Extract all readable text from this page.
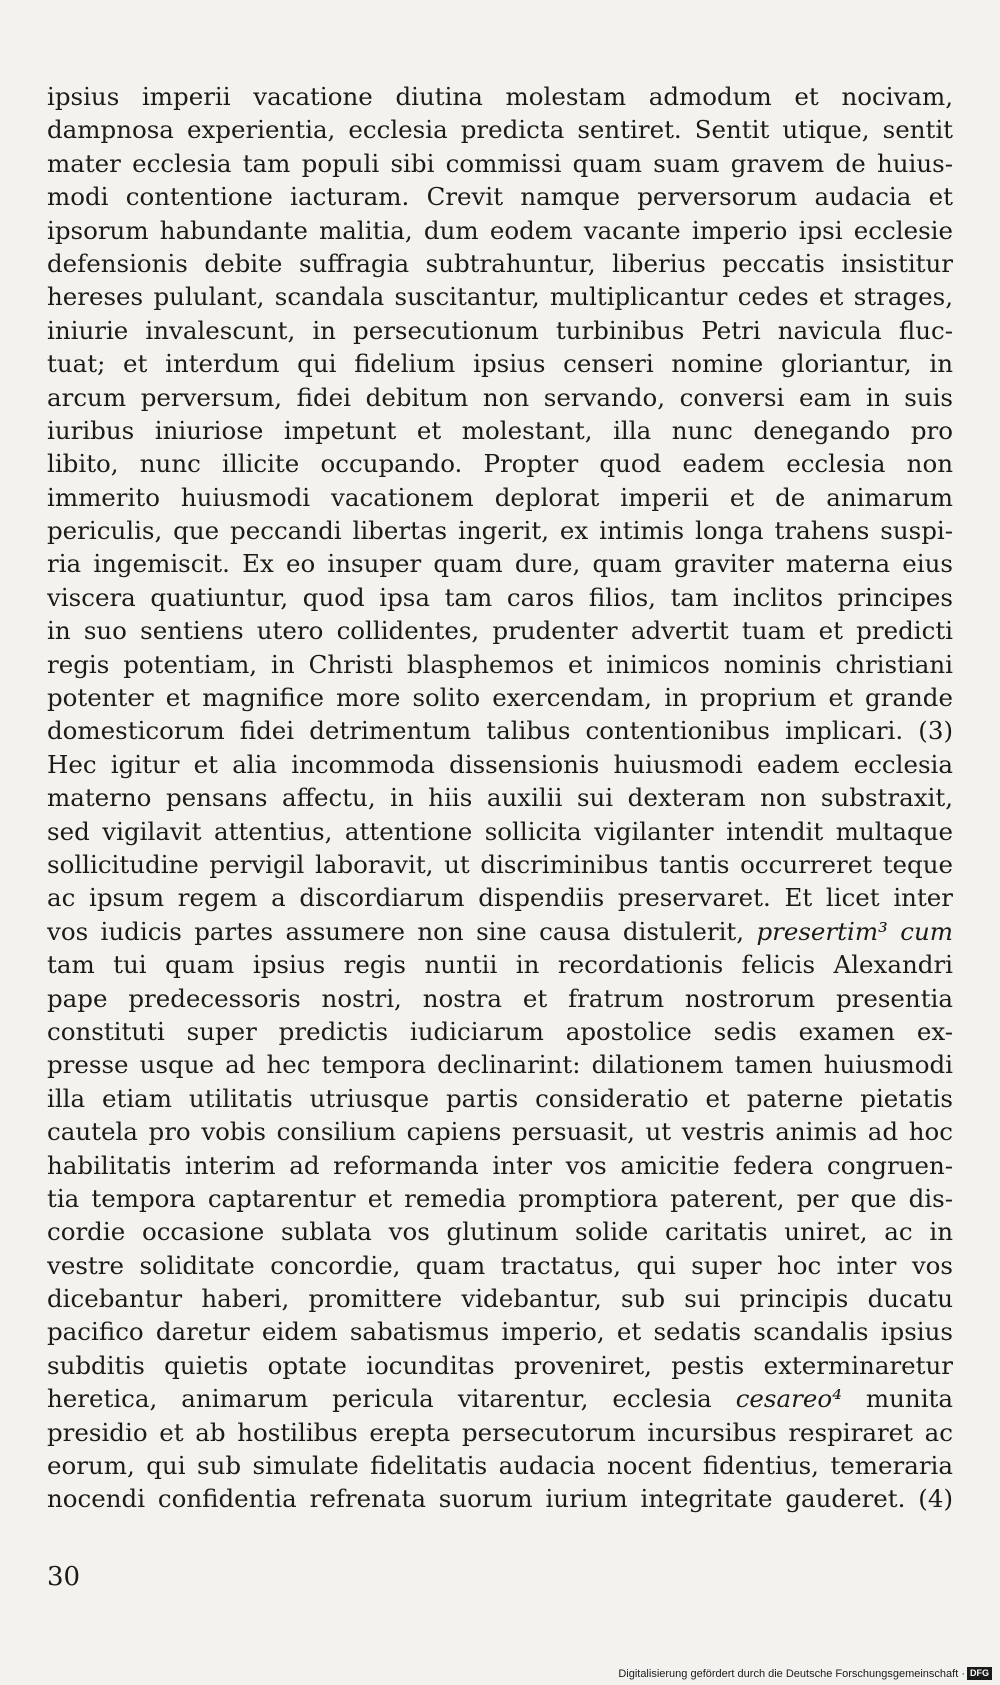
ipsius imperii vacatione diutina molestam admodum et nocivam,
dampnosa experientia, ecclesia predicta sentiret. Sentit utique, sentit
mater ecclesia tam populi sibi commissi quam suam gravem de huius-
modi contentione iacturam. Crevit namque perversorum audacia et
ipsorum habundante malitia, dum eodem vacante imperio ipsi ecclesie
defensionis debite suffragia subtrahuntur, liberius peccatis insistitur
hereses pululant, scandala suscitantur, multiplicantur cedes et strages,
iniurie invalescunt, in persecutionum turbinibus Petri navicula fluc-
tuat; et interdum qui fidelium ipsius censeri nomine gloriantur, in
arcum perversum, fidei debitum non servando, conversi eam in suis
iuribus iniuriose impetunt et molestant, illa nunc denegando pro
libito, nunc illicite occupando. Propter quod eadem ecclesia non
immerito huiusmodi vacationem deplorat imperii et de animarum
periculis, que peccandi libertas ingerit, ex intimis longa trahens suspi-
ria ingemiscit. Ex eo insuper quam dure, quam graviter materna eius
viscera quatiuntur, quod ipsa tam caros filios, tam inclitos principes
in suo sentiens utero collidentes, prudenter advertit tuam et predicti
regis potentiam, in Christi blasphemos et inimicos nominis christiani
potenter et magnifice more solito exercendam, in proprium et grande
domesticorum fidei detrimentum talibus contentionibus implicari. (3)
Hec igitur et alia incommoda dissensionis huiusmodi eadem ecclesia
materno pensans affectu, in hiis auxilii sui dexteram non substraxit,
sed vigilavit attentius, attentione sollicita vigilanter intendit multaque
sollicitudine pervigil laboravit, ut discriminibus tantis occurreret teque
ac ipsum regem a discordiarum dispendiis preservaret. Et licet inter
vos iudicis partes assumere non sine causa distulerit, presertim³ cum
tam tui quam ipsius regis nuntii in recordationis felicis Alexandri
pape predecessoris nostri, nostra et fratrum nostrorum presentia
constituti super predictis iudiciarum apostolice sedis examen ex-
presse usque ad hec tempora declinarint: dilationem tamen huiusmodi
illa etiam utilitatis utriusque partis consideratio et paterne pietatis
cautela pro vobis consilium capiens persuasit, ut vestris animis ad hoc
habilitatis interim ad reformanda inter vos amicitie federa congruen-
tia tempora captarentur et remedia promptiora paterent, per que dis-
cordie occasione sublata vos glutinum solide caritatis uniret, ac in
vestre soliditate concordie, quam tractatus, qui super hoc inter vos
dicebantur haberi, promittere videbantur, sub sui principis ducatu
pacifico daretur eidem sabatismus imperio, et sedatis scandalis ipsius
subditis quietis optate iocunditas proveniret, pestis exterminaretur
heretica, animarum pericula vitarentur, ecclesia cesareo⁴ munita
presidio et ab hostilibus erepta persecutorum incursibus respiraret ac
eorum, qui sub simulate fidelitatis audacia nocent fidentius, temeraria
nocendi confidentia refrenata suorum iurium integritate gauderet. (4)
30
Digitalisierung gefördert durch die Deutsche Forschungsgemeinschaft · DFG
